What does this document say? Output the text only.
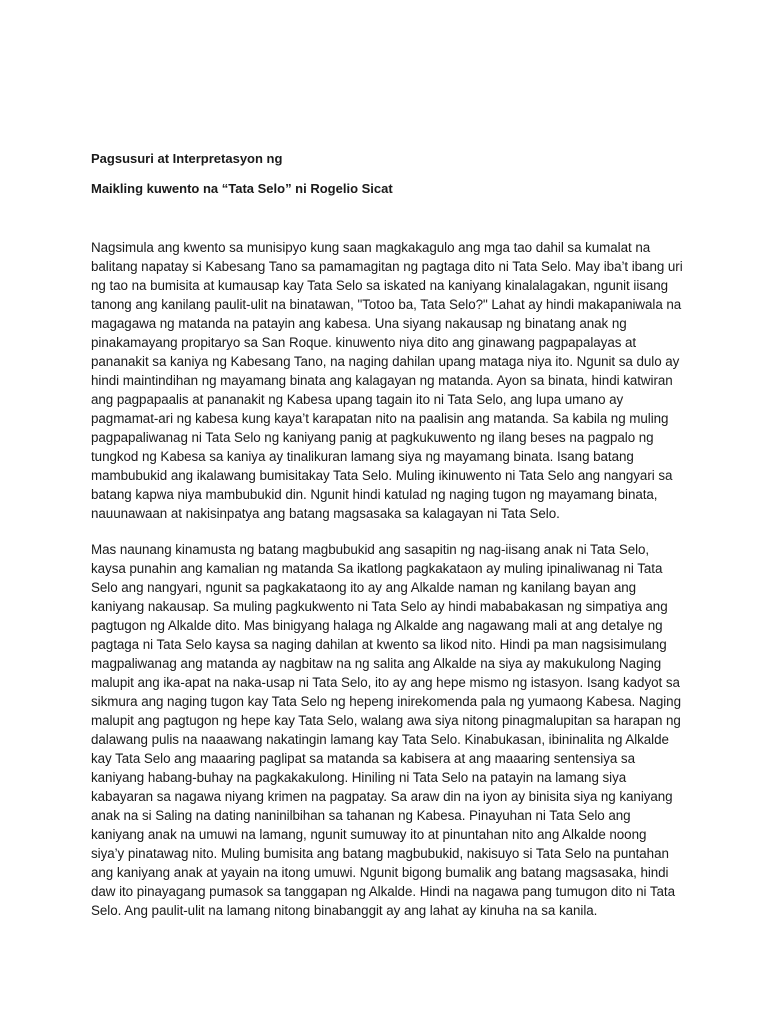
Pagsusuri at Interpretasyon ng

Maikling kuwento na “Tata Selo” ni Rogelio Sicat

Nagsimula ang kwento sa munisipyo kung saan magkakagulo ang mga tao dahil sa kumalat na balitang napatay si Kabesang Tano sa pamamagitan ng pagtaga dito ni Tata Selo. May iba’t ibang uri ng tao na bumisita at kumausap kay Tata Selo sa iskated na kaniyang kinalalagakan, ngunit iisang tanong ang kanilang paulit-ulit na binatawan, "Totoo ba, Tata Selo?" Lahat ay hindi makapaniwala na magagawa ng matanda na patayin ang kabesa. Una siyang nakausap ng binatang anak ng pinakamayang propitaryo sa San Roque. kinuwento niya dito ang ginawang pagpapalayas at pananakit sa kaniya ng Kabesang Tano, na naging dahilan upang mataga niya ito. Ngunit sa dulo ay hindi maintindihan ng mayamang binata ang kalagayan ng matanda. Ayon sa binata, hindi katwiran ang pagpapaalis at pananakit ng Kabesa upang tagain ito ni Tata Selo, ang lupa umano ay pagmamat-ari ng kabesa kung kaya’t karapatan nito na paalisin ang matanda. Sa kabila ng muling pagpapaliwanag ni Tata Selo ng kaniyang panig at pagkukuwento ng ilang beses na pagpalo ng tungkod ng Kabesa sa kaniya ay tinalikuran lamang siya ng mayamang binata. Isang batang mambubukid ang ikalawang bumisitakay Tata Selo. Muling ikinuwento ni Tata Selo ang nangyari sa batang kapwa niya mambubukid din. Ngunit hindi katulad ng naging tugon ng mayamang binata, nauunawaan at nakisinpatya ang batang magsasaka sa kalagayan ni Tata Selo.

Mas naunang kinamusta ng batang magbubukid ang sasapitin ng nag-iisang anak ni Tata Selo, kaysa punahin ang kamalian ng matanda Sa ikatlong pagkakataon ay muling ipinaliwanag ni Tata Selo ang nangyari, ngunit sa pagkakataong ito ay ang Alkalde naman ng kanilang bayan ang kaniyang nakausap. Sa muling pagkukwento ni Tata Selo ay hindi mababakasan ng simpatiya ang pagtugon ng Alkalde dito. Mas binigyang halaga ng Alkalde ang nagawang mali at ang detalye ng pagtaga ni Tata Selo kaysa sa naging dahilan at kwento sa likod nito. Hindi pa man nagsisimulang magpaliwanag ang matanda ay nagbitaw na ng salita ang Alkalde na siya ay makukulong Naging malupit ang ika-apat na naka-usap ni Tata Selo, ito ay ang hepe mismo ng istasyon. Isang kadyot sa sikmura ang naging tugon kay Tata Selo ng hepeng inirekomenda pala ng yumaong Kabesa. Naging malupit ang pagtugon ng hepe kay Tata Selo, walang awa siya nitong pinagmalupitan sa harapan ng dalawang pulis na naaawang nakatingin lamang kay Tata Selo. Kinabukasan, ibininalita ng Alkalde kay Tata Selo ang maaaring paglipat sa matanda sa kabisera at ang maaaring sentensiya sa kaniyang habang-buhay na pagkakakulong. Hiniling ni Tata Selo na patayin na lamang siya kabayaran sa nagawa niyang krimen na pagpatay. Sa araw din na iyon ay binisita siya ng kaniyang anak na si Saling na dating naninilbihan sa tahanan ng Kabesa. Pinayuhan ni Tata Selo ang kaniyang anak na umuwi na lamang, ngunit sumuway ito at pinuntahan nito ang Alkalde noong siya’y pinatawag nito. Muling bumisita ang batang magbubukid, nakisuyo si Tata Selo na puntahan ang kaniyang anak at yayain na itong umuwi. Ngunit bigong bumalik ang batang magsasaka, hindi daw ito pinayagang pumasok sa tanggapan ng Alkalde. Hindi na nagawa pang tumugon dito ni Tata Selo. Ang paulit-ulit na lamang nitong binabanggit ay ang lahat ay kinuha na sa kanila.
